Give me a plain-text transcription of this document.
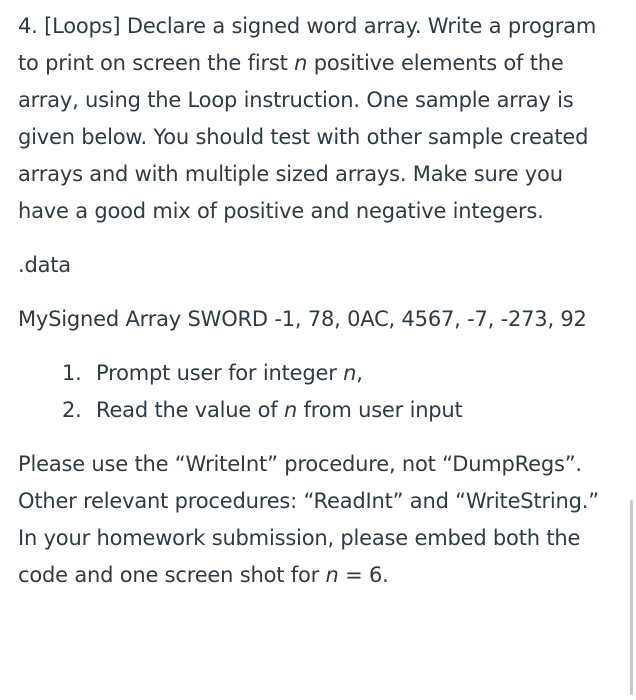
4. [Loops] Declare a signed word array. Write a program to print on screen the first n positive elements of the array, using the Loop instruction. One sample array is given below. You should test with other sample created arrays and with multiple sized arrays. Make sure you have a good mix of positive and negative integers.

.data

MySigned Array SWORD -1, 78, 0AC, 4567, -7, -273, 92

1. Prompt user for integer n,
2. Read the value of n from user input

Please use the “WriteInt” procedure, not “DumpRegs”. Other relevant procedures: “ReadInt” and “WriteString.” In your homework submission, please embed both the code and one screen shot for n = 6.
